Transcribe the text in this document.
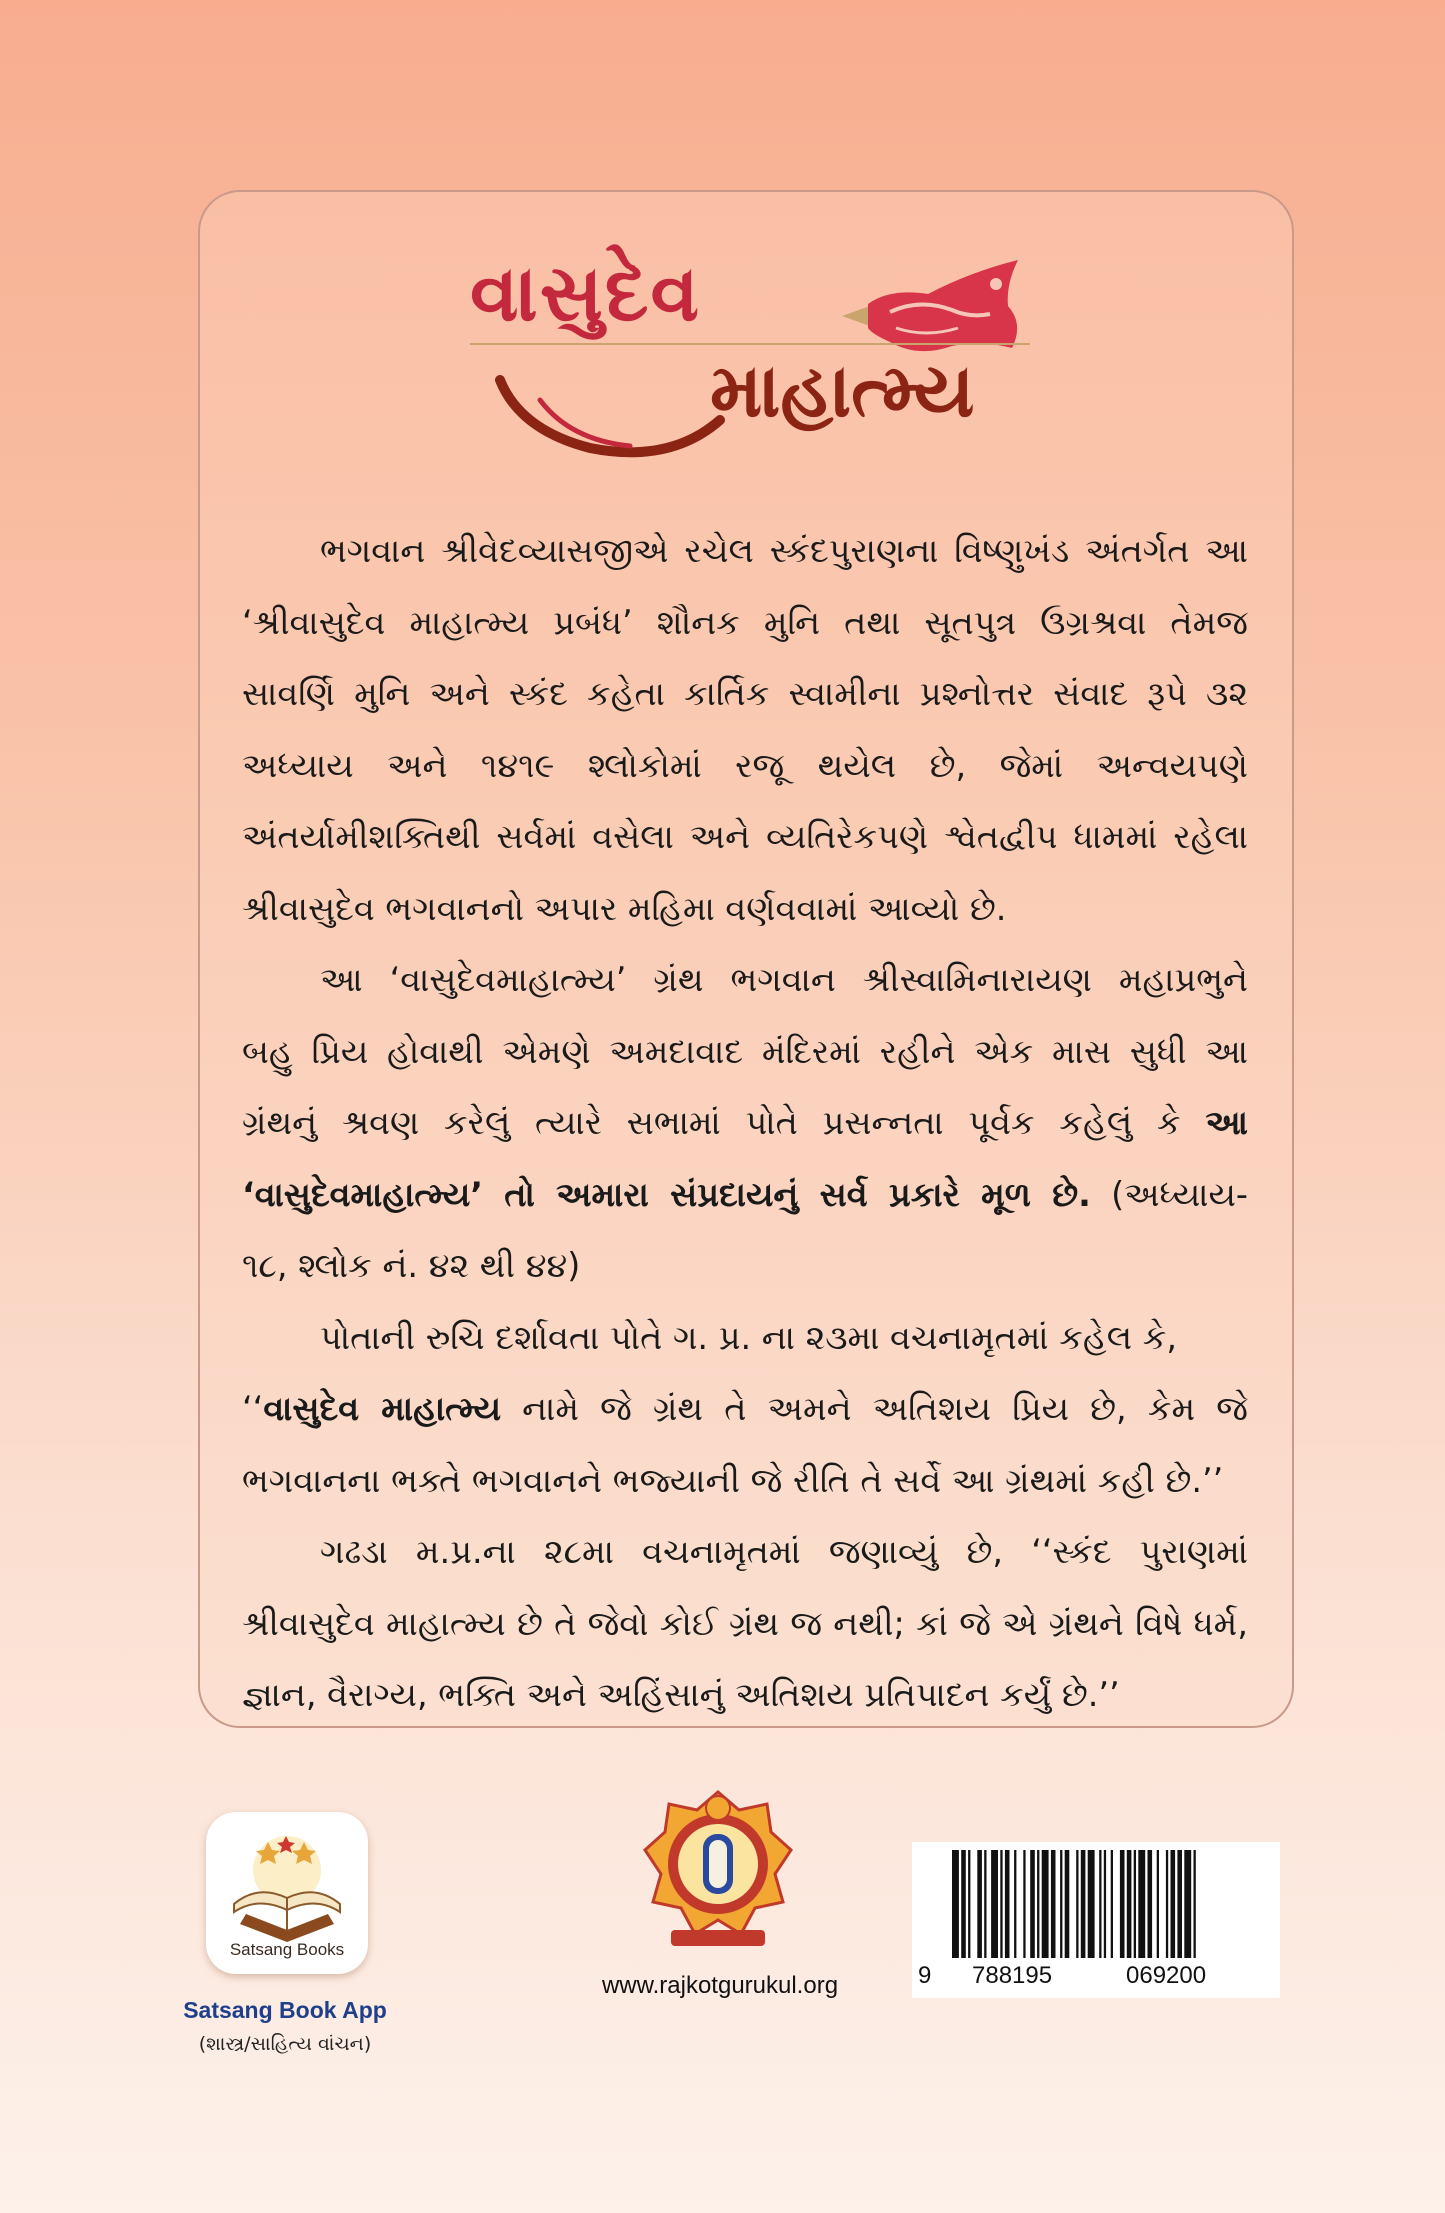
વાસુદેવ
માહાત્મ્ય
ભગવાન શ્રીવેદવ્યાસજીએ રચેલ સ્કંદપુરાણના વિષ્ણુખંડ અંતર્ગત આ
‘શ્રીવાસુદેવ માહાત્મ્ય પ્રબંધ’ શૌનક મુનિ તથા સૂતપુત્ર ઉગ્રશ્રવા તેમજ
સાવર્ણિ મુનિ અને સ્કંદ કહેતા કાર્તિક સ્વામીના પ્રશ્નોત્તર સંવાદ રૂપે ૩૨
અધ્યાય અને ૧૪૧૯ શ્લોકોમાં રજૂ થયેલ છે, જેમાં અન્વયપણે
અંતર્યામીશક્તિથી સર્વમાં વસેલા અને વ્યતિરેકપણે શ્વેતદ્વીપ ધામમાં રહેલા
શ્રીવાસુદેવ ભગવાનનો અપાર મહિમા વર્ણવવામાં આવ્યો છે.
આ ‘વાસુદેવમાહાત્મ્ય’ ગ્રંથ ભગવાન શ્રીસ્વામિનારાયણ મહાપ્રભુને
બહુ પ્રિય હોવાથી એમણે અમદાવાદ મંદિરમાં રહીને એક માસ સુધી આ
ગ્રંથનું શ્રવણ કરેલું ત્યારે સભામાં પોતે પ્રસન્નતા પૂર્વક કહેલું કે આ
‘વાસુદેવમાહાત્મ્ય’ તો અમારા સંપ્રદાયનું સર્વ પ્રકારે મૂળ છે. (અધ્યાય-
૧૮, શ્લોક નં. ૪૨ થી ૪૪)
પોતાની રુચિ દર્શાવતા પોતે ગ. પ્ર. ના ૨૩મા વચનામૃતમાં કહેલ કે,
‘‘વાસુદેવ માહાત્મ્ય નામે જે ગ્રંથ તે અમને અતિશય પ્રિય છે, કેમ જે
ભગવાનના ભક્તે ભગવાનને ભજ્યાની જે રીતિ તે સર્વે આ ગ્રંથમાં કહી છે.’’
ગઢડા મ.પ્ર.ના ૨૮મા વચનામૃતમાં જણાવ્યું છે, ‘‘સ્કંદ પુરાણમાં
શ્રીવાસુદેવ માહાત્મ્ય છે તે જેવો કોઈ ગ્રંથ જ નથી; કાં જે એ ગ્રંથને વિષે ધર્મ,
જ્ઞાન, વૈરાગ્ય, ભક્તિ અને અહિંસાનું અતિશય પ્રતિપાદન કર્યું છે.’’
Satsang Books
Satsang Book App
(શાસ્ત્ર/સાહિત્ય વાંચન)
www.rajkotgurukul.org	9 788195	069200
